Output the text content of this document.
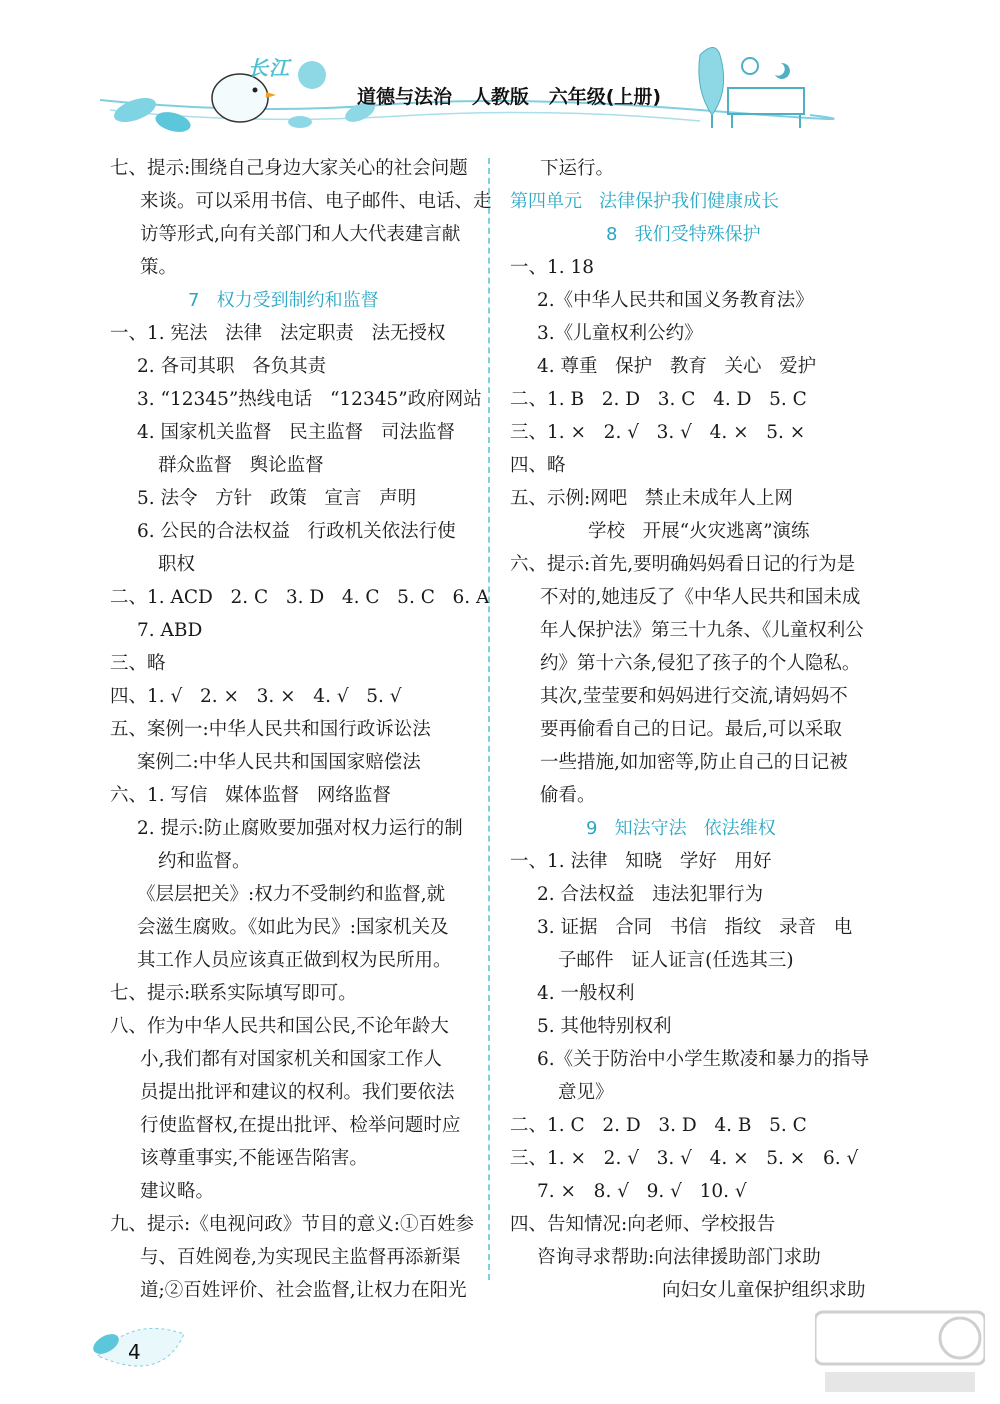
长江
道德与法治   人教版   六年级(上册)
七、提示:围绕自己身边大家关心的社会问题
来谈。可以采用书信、电子邮件、电话、走
访等形式,向有关部门和人大代表建言献
策。
7   权力受到制约和监督
一、1. 宪法   法律   法定职责   法无授权
2. 各司其职   各负其责
3. “12345”热线电话   “12345”政府网站
4. 国家机关监督   民主监督   司法监督
群众监督   舆论监督
5. 法令   方针   政策   宣言   声明
6. 公民的合法权益   行政机关依法行使
职权
二、1. ACD   2. C   3. D   4. C   5. C   6. A
7. ABD
三、略
四、1. √   2. ×   3. ×   4. √   5. √
五、案例一:中华人民共和国行政诉讼法
案例二:中华人民共和国国家赔偿法
六、1. 写信   媒体监督   网络监督
2. 提示:防止腐败要加强对权力运行的制
约和监督。
《层层把关》:权力不受制约和监督,就
会滋生腐败。《如此为民》:国家机关及
其工作人员应该真正做到权为民所用。
七、提示:联系实际填写即可。
八、作为中华人民共和国公民,不论年龄大
小,我们都有对国家机关和国家工作人
员提出批评和建议的权利。我们要依法
行使监督权,在提出批评、检举问题时应
该尊重事实,不能诬告陷害。
建议略。
九、提示:《电视问政》节目的意义:①百姓参
与、百姓阅卷,为实现民主监督再添新渠
道;②百姓评价、社会监督,让权力在阳光
下运行。
第四单元   法律保护我们健康成长
8   我们受特殊保护
一、1. 18
2.《中华人民共和国义务教育法》
3.《儿童权利公约》
4. 尊重   保护   教育   关心   爱护
二、1. B   2. D   3. C   4. D   5. C
三、1. ×   2. √   3. √   4. ×   5. ×
四、略
五、示例:网吧   禁止未成年人上网
学校   开展“火灾逃离”演练
六、提示:首先,要明确妈妈看日记的行为是
不对的,她违反了《中华人民共和国未成
年人保护法》第三十九条、《儿童权利公
约》第十六条,侵犯了孩子的个人隐私。
其次,莹莹要和妈妈进行交流,请妈妈不
要再偷看自己的日记。最后,可以采取
一些措施,如加密等,防止自己的日记被
偷看。
9   知法守法   依法维权
一、1. 法律   知晓   学好   用好
2. 合法权益   违法犯罪行为
3. 证据   合同   书信   指纹   录音   电
子邮件   证人证言(任选其三)
4. 一般权利
5. 其他特别权利
6.《关于防治中小学生欺凌和暴力的指导
意见》
二、1. C   2. D   3. D   4. B   5. C
三、1. ×   2. √   3. √   4. ×   5. ×   6. √
7. ×   8. √   9. √   10. √
四、告知情况:向老师、学校报告
咨询寻求帮助:向法律援助部门求助
向妇女儿童保护组织求助
4
